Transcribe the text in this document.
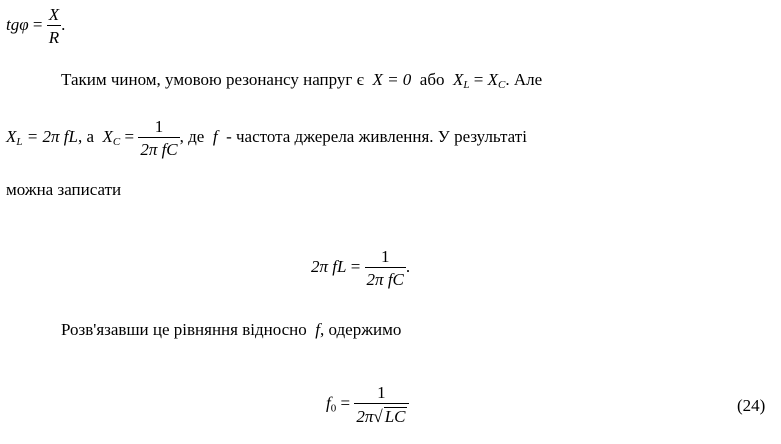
$tg\varphi = \frac{X}{R}$ .
Таким чином, умовою резонансу напруг є X = 0 або $X_L = X_C$. Але
$X_L = 2\pi$ fL, а $X_C = \frac{1}{\text{2π fC}}$ , де f - частота джерела живлення. У результаті
можна записати
2π fL = $\frac{1}{\text{2π fC}}$ .
Розв'язавши це рівняння відносно f, одержимо
$f_0 = \frac{1}{2\pi√ LC}$	(24)
